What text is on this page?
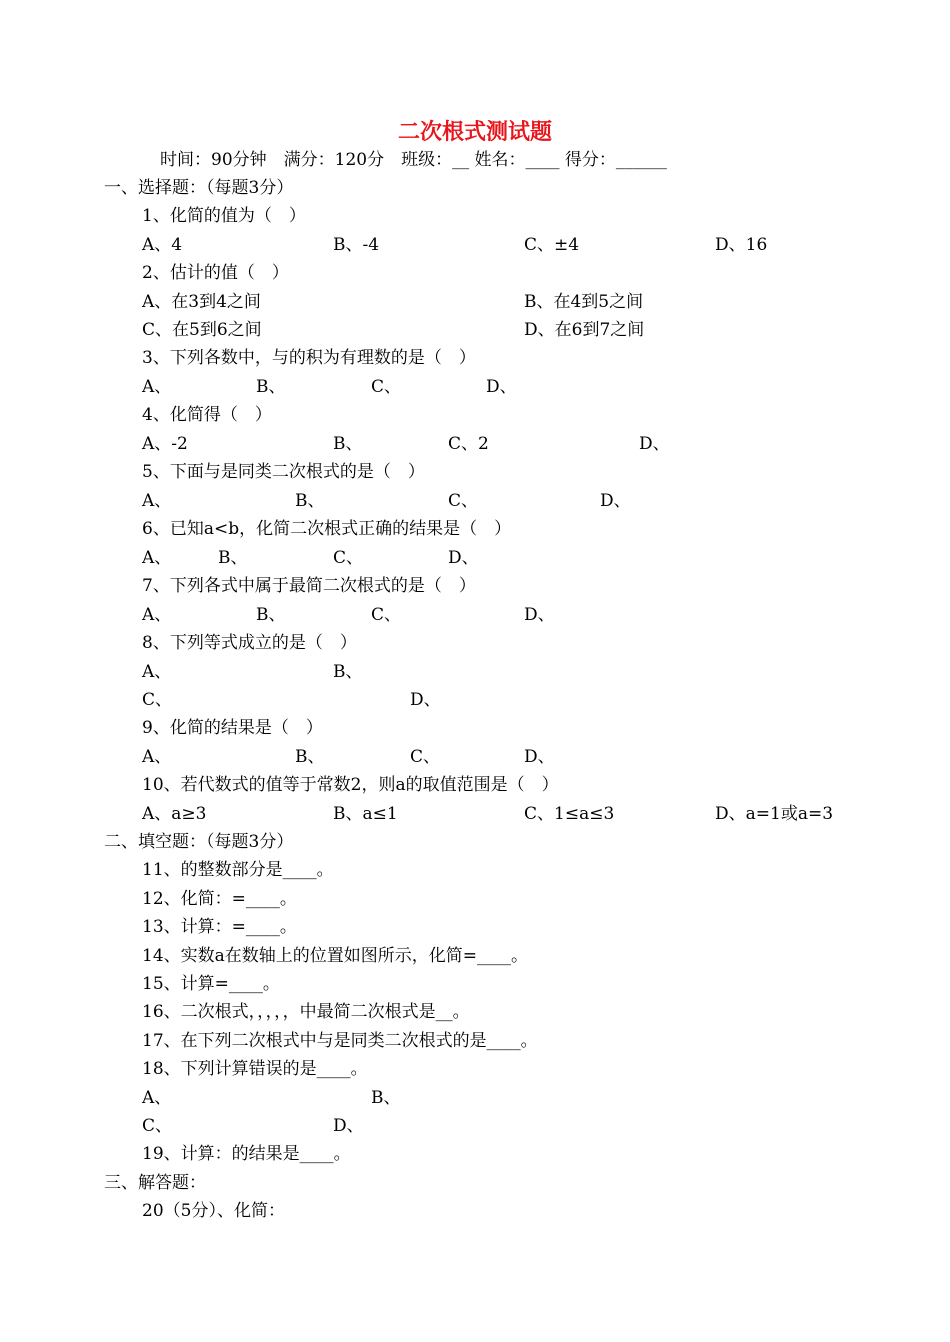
二次根式测试题
时间：90分钟　满分：120分　班级：__ 姓名：____ 得分：______
一、选择题：（每题3分）
1、化简的值为（　）
A、4	B、-4	C、±4	D、16
2、估计的值（　）
A、在3到4之间	B、在4到5之间
C、在5到6之间	D、在6到7之间
3、下列各数中，与的积为有理数的是（　）
A、	B、	C、	D、
4、化简得（　）
A、-2	B、	C、2	D、
5、下面与是同类二次根式的是（　）
A、	B、	C、	D、
6、已知a<b，化简二次根式正确的结果是（　）
A、	B、	C、	D、
7、下列各式中属于最简二次根式的是（　）
A、	B、	C、	D、
8、下列等式成立的是（　）
A、	B、
C、	D、
9、化简的结果是（　）
A、	B、	C、	D、
10、若代数式的值等于常数2，则a的取值范围是（　）
A、a≥3	B、a≤1	C、1≤a≤3	D、a=1或a=3
二、填空题：（每题3分）
11、的整数部分是____。
12、化简：=____。
13、计算：=____。
14、实数a在数轴上的位置如图所示，化简=____。
15、计算=____。
16、二次根式，，，，，中最简二次根式是__。
17、在下列二次根式中与是同类二次根式的是____。
18、下列计算错误的是____。
A、	B、
C、	D、
19、计算：的结果是____。
三、解答题：
20（5分）、化简：
